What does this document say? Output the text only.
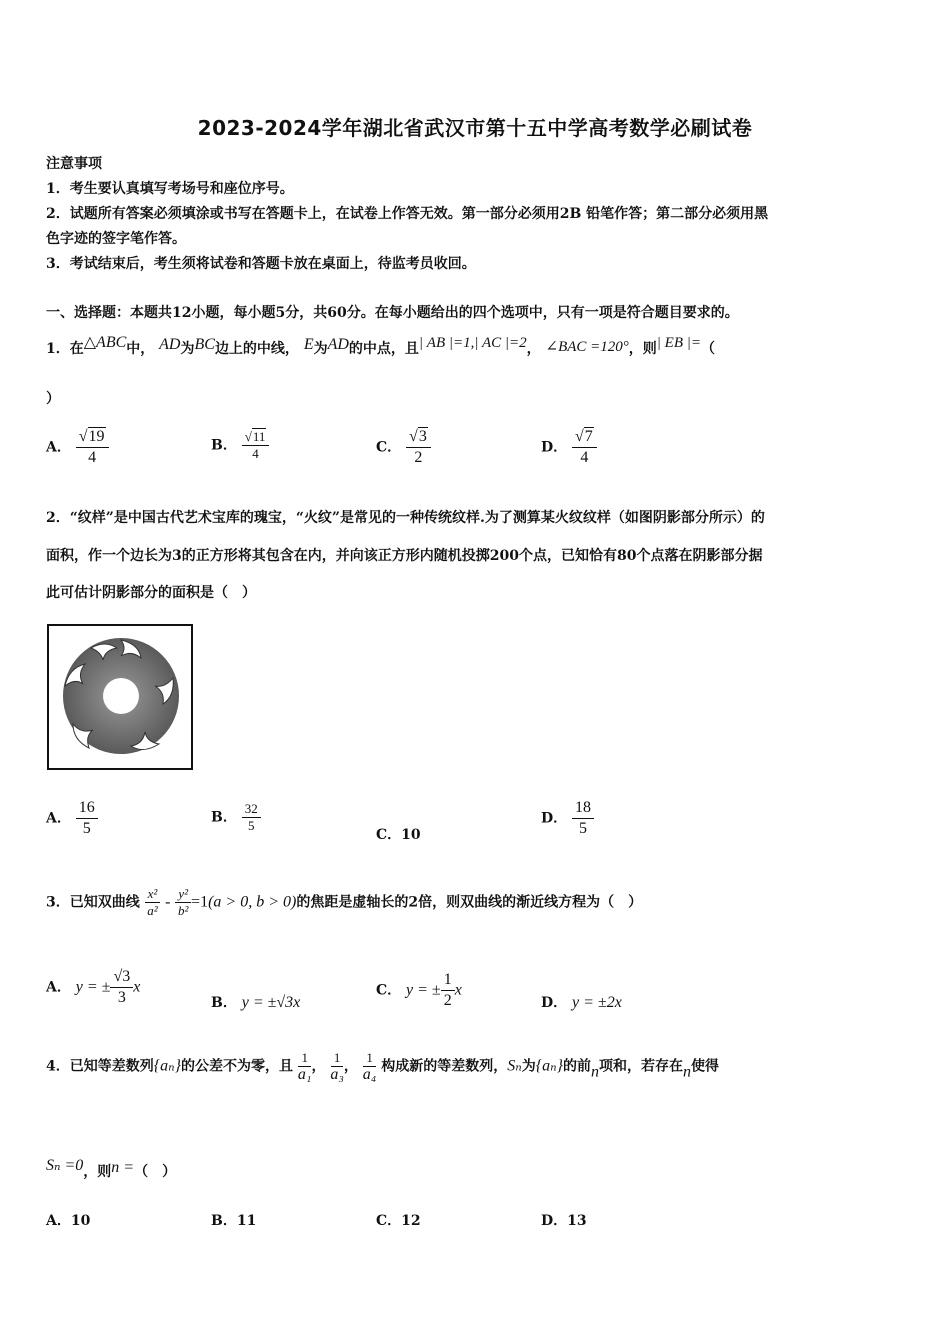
2023-2024学年湖北省武汉市第十五中学高考数学必刷试卷
注意事项
1．考生要认真填写考场号和座位序号。
2．试题所有答案必须填涂或书写在答题卡上，在试卷上作答无效。第一部分必须用2B 铅笔作答；第二部分必须用黑
色字迹的签字笔作答。
3．考试结束后，考生须将试卷和答题卡放在桌面上，待监考员收回。
一、选择题：本题共12小题，每小题5分，共60分。在每小题给出的四个选项中，只有一项是符合题目要求的。
1．在△ABC中， AD为BC边上的中线， E为AD的中点，且| AB |=1,| AC |=2， ∠BAC =120°，则| EB |=（
）
A． $\frac{√19}{4}$	B． $\frac{√11}{4}$	C． $\frac{√3}{2}$	D． $\frac{√7}{4}$
2．“纹样”是中国古代艺术宝库的瑰宝，“火纹”是常见的一种传统纹样.为了测算某火纹纹样（如图阴影部分所示）的
面积，作一个边长为3的正方形将其包含在内，并向该正方形内随机投掷200个点，已知恰有80个点落在阴影部分据
此可估计阴影部分的面积是（　）
A． $\frac{16}{5}$	B． $\frac{32}{5}$
C．10
D． $\frac{18}{5}$
3．已知双曲线 $\frac{\text{x²}}{\text{a²}} - \frac{\text{y²}}{\text{b²}} =1(a > 0$, b > 0)的焦距是虚轴长的2倍，则双曲线的渐近线方程为（　）
A． y = ± $\frac{√3}{3}$ x
B． y = ±√3x
C． y = ± $\frac{1}{2}$ x
D． y = ±2x
4．已知等差数列{aₙ}的公差不为零，且 $\frac{1}{\text{a₁}}$ ， $\frac{1}{\text{a₃}}$ ， $\frac{1}{\text{a₄}}$ 构成新的等差数列，Sₙ为{aₙ}的前n项和，若存在n使得
Sₙ =0，则n =（　）
A．10	B．11	C．12	D．13
